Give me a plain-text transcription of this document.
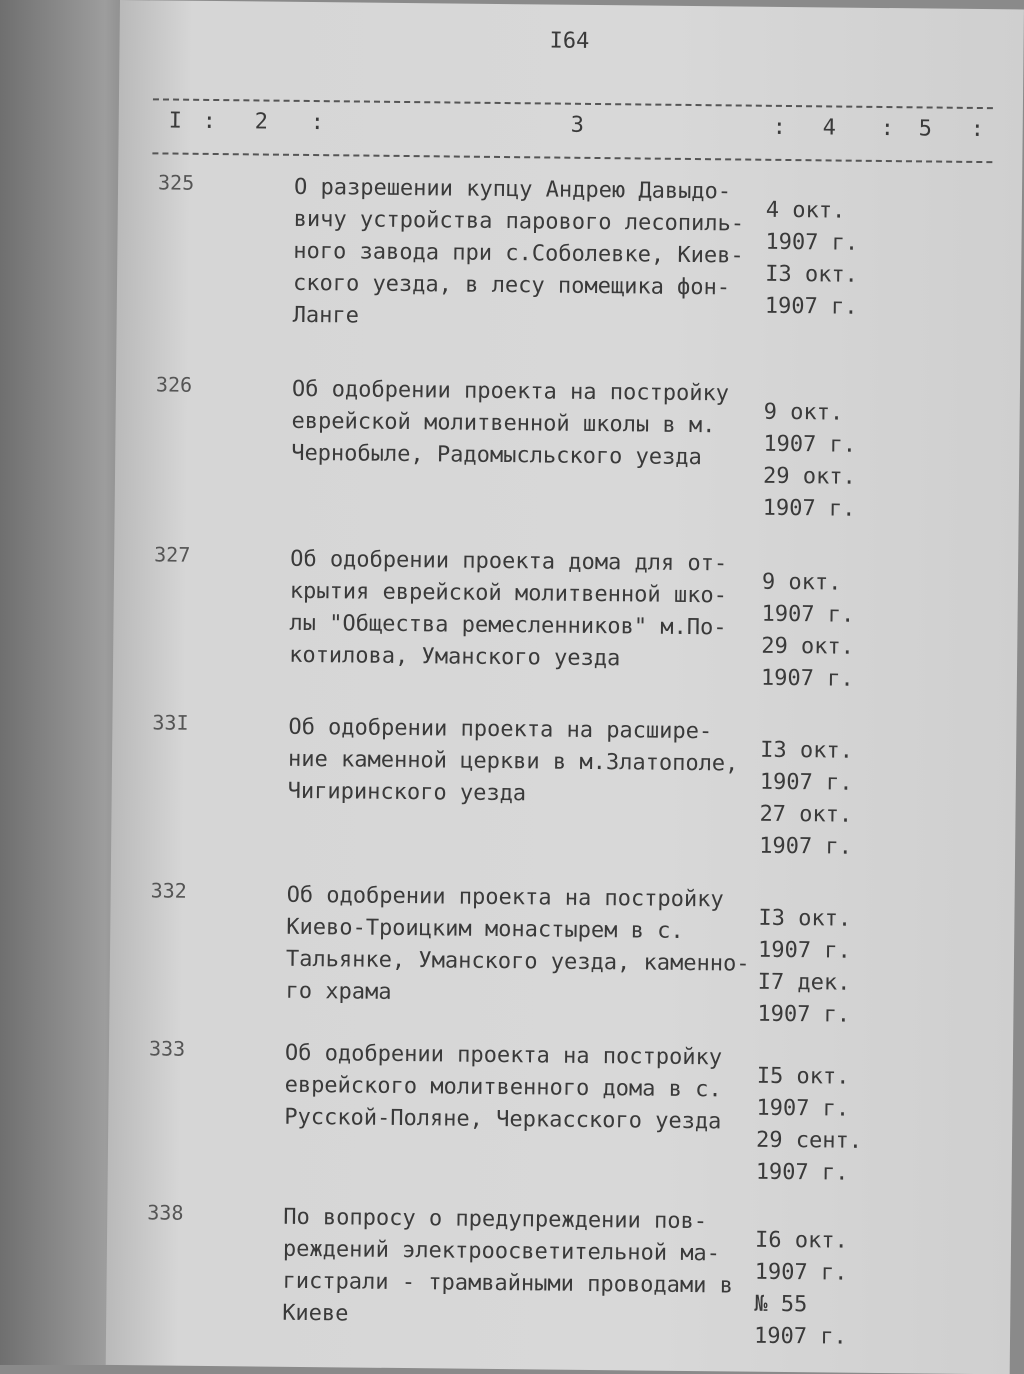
I64
I : 2 :	3	: 4 : 5 :
325	О разрешении купцу Андрею Давыдо-
вичу устройства парового лесопиль-
ного завода при с.Соболевке, Киев-
ского уезда, в лесу помещика фон-
Ланге
4 окт.
1907 г.
I3 окт.
1907 г.
326	Об одобрении проекта на постройку
еврейской молитвенной школы в м.
Чернобыле, Радомысльского уезда
9 окт.
1907 г.
29 окт.
1907 г.
327	Об одобрении проекта дома для от-
крытия еврейской молитвенной шко-
лы "Общества ремесленников" м.По-
котилова, Уманского уезда
9 окт.
1907 г.
29 окт.
1907 г.
33I	Об одобрении проекта на расшире-
ние каменной церкви в м.Златополе,
Чигиринского уезда
I3 окт.
1907 г.
27 окт.
1907 г.
332	Об одобрении проекта на постройку
Киево-Троицким монастырем в с.
Тальянке, Уманского уезда, каменно-
го храма
I3 окт.
1907 г.
I7 дек.
1907 г.
333	Об одобрении проекта на постройку
еврейского молитвенного дома в с.
Русской-Поляне, Черкасского уезда
I5 окт.
1907 г.
29 сент.
1907 г.
338	По вопросу о предупреждении пов-
реждений электроосветительной ма-
гистрали - трамвайными проводами в
Киеве
I6 окт.
1907 г.
№ 55
1907 г.
